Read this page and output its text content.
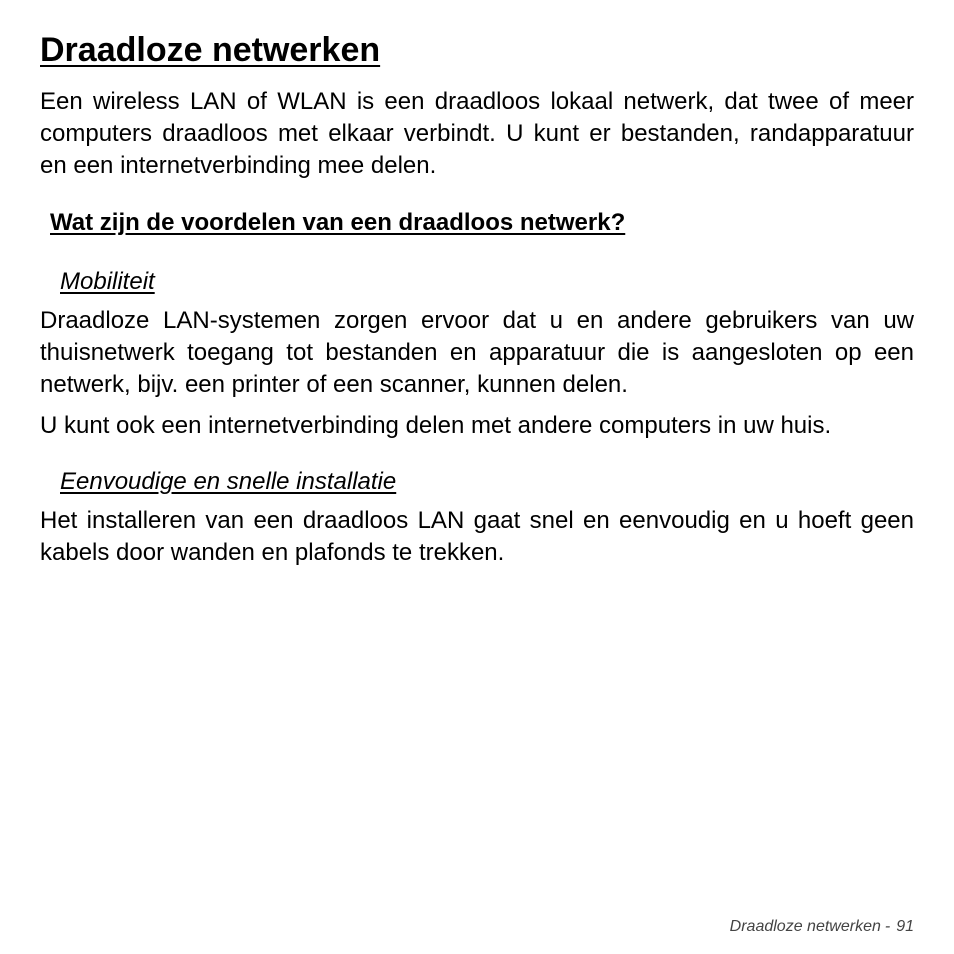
Draadloze netwerken

Een wireless LAN of WLAN is een draadloos lokaal netwerk, dat twee of meer computers draadloos met elkaar verbindt. U kunt er bestanden, randapparatuur en een internetverbinding mee delen.

Wat zijn de voordelen van een draadloos netwerk?
Mobiliteit

Draadloze LAN-systemen zorgen ervoor dat u en andere gebruikers van uw thuisnetwerk toegang tot bestanden en apparatuur die is aangesloten op een netwerk, bijv. een printer of een scanner, kunnen delen.

U kunt ook een internetverbinding delen met andere computers in uw huis.

Eenvoudige en snelle installatie

Het installeren van een draadloos LAN gaat snel en eenvoudig en u hoeft geen kabels door wanden en plafonds te trekken.

Draadloze netwerken - 91
